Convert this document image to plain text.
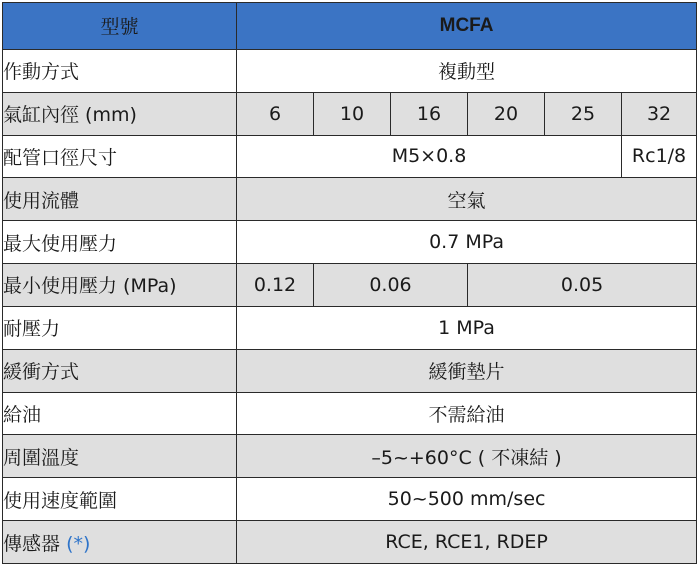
型號	MCFA					
作動方式	複動型					
氣缸內徑 (mm)	6	10	16	20	25	32
配管口徑尺寸	M5×0.8					Rc1/8
使用流體	空氣					
最大使用壓力	0.7 MPa					
最小使用壓力 (MPa)	0.12	0.06		0.05		
耐壓力	1 MPa					
緩衝方式	緩衝墊片					
給油	不需給油					
周圍溫度	–5~+60°C ( 不凍結 )					
使用速度範圍	50~500 mm/sec					
傳感器 (*)	RCE, RCE1, RDEP					
